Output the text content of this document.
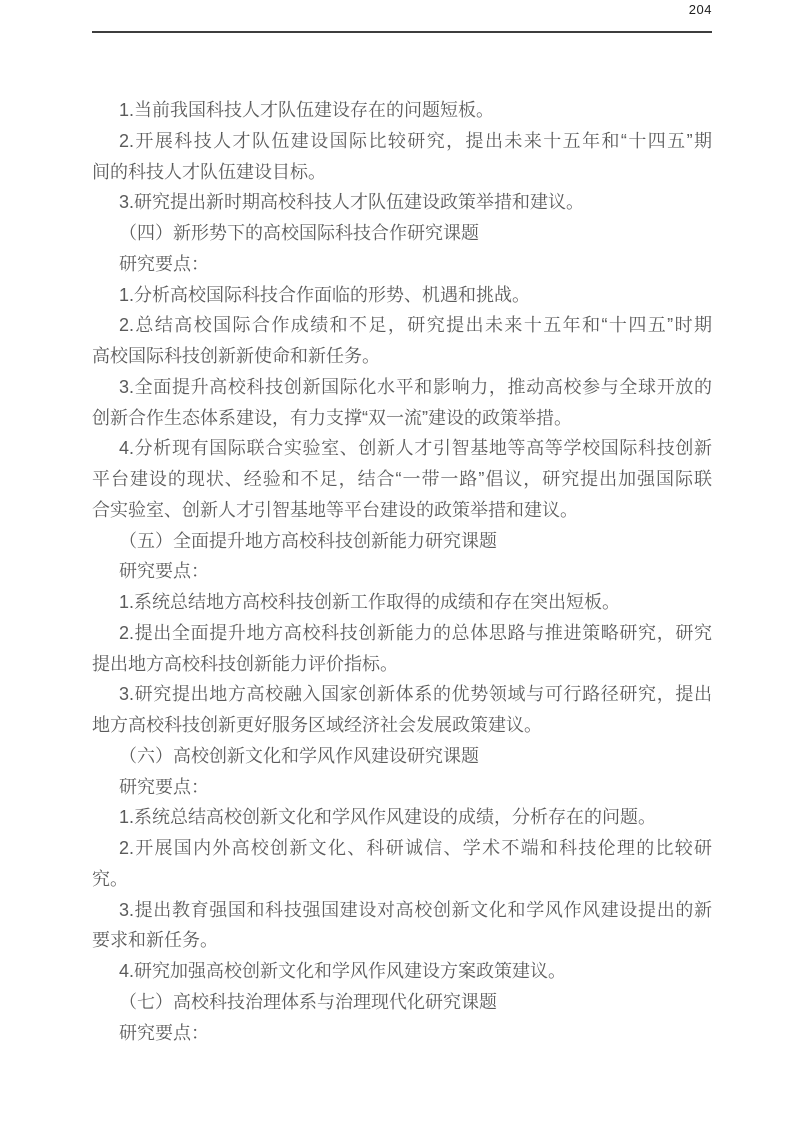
204
1.当前我国科技人才队伍建设存在的问题短板。
2.开展科技人才队伍建设国际比较研究，提出未来十五年和“十四五”期
间的科技人才队伍建设目标。
3.研究提出新时期高校科技人才队伍建设政策举措和建议。
（四）新形势下的高校国际科技合作研究课题
研究要点：
1.分析高校国际科技合作面临的形势、机遇和挑战。
2.总结高校国际合作成绩和不足，研究提出未来十五年和“十四五”时期
高校国际科技创新新使命和新任务。
3.全面提升高校科技创新国际化水平和影响力，推动高校参与全球开放的
创新合作生态体系建设，有力支撑“双一流”建设的政策举措。
4.分析现有国际联合实验室、创新人才引智基地等高等学校国际科技创新
平台建设的现状、经验和不足，结合“一带一路”倡议，研究提出加强国际联
合实验室、创新人才引智基地等平台建设的政策举措和建议。
（五）全面提升地方高校科技创新能力研究课题
研究要点：
1.系统总结地方高校科技创新工作取得的成绩和存在突出短板。
2.提出全面提升地方高校科技创新能力的总体思路与推进策略研究，研究
提出地方高校科技创新能力评价指标。
3.研究提出地方高校融入国家创新体系的优势领域与可行路径研究，提出
地方高校科技创新更好服务区域经济社会发展政策建议。
（六）高校创新文化和学风作风建设研究课题
研究要点：
1.系统总结高校创新文化和学风作风建设的成绩，分析存在的问题。
2.开展国内外高校创新文化、科研诚信、学术不端和科技伦理的比较研
究。
3.提出教育强国和科技强国建设对高校创新文化和学风作风建设提出的新
要求和新任务。
4.研究加强高校创新文化和学风作风建设方案政策建议。
（七）高校科技治理体系与治理现代化研究课题
研究要点：
